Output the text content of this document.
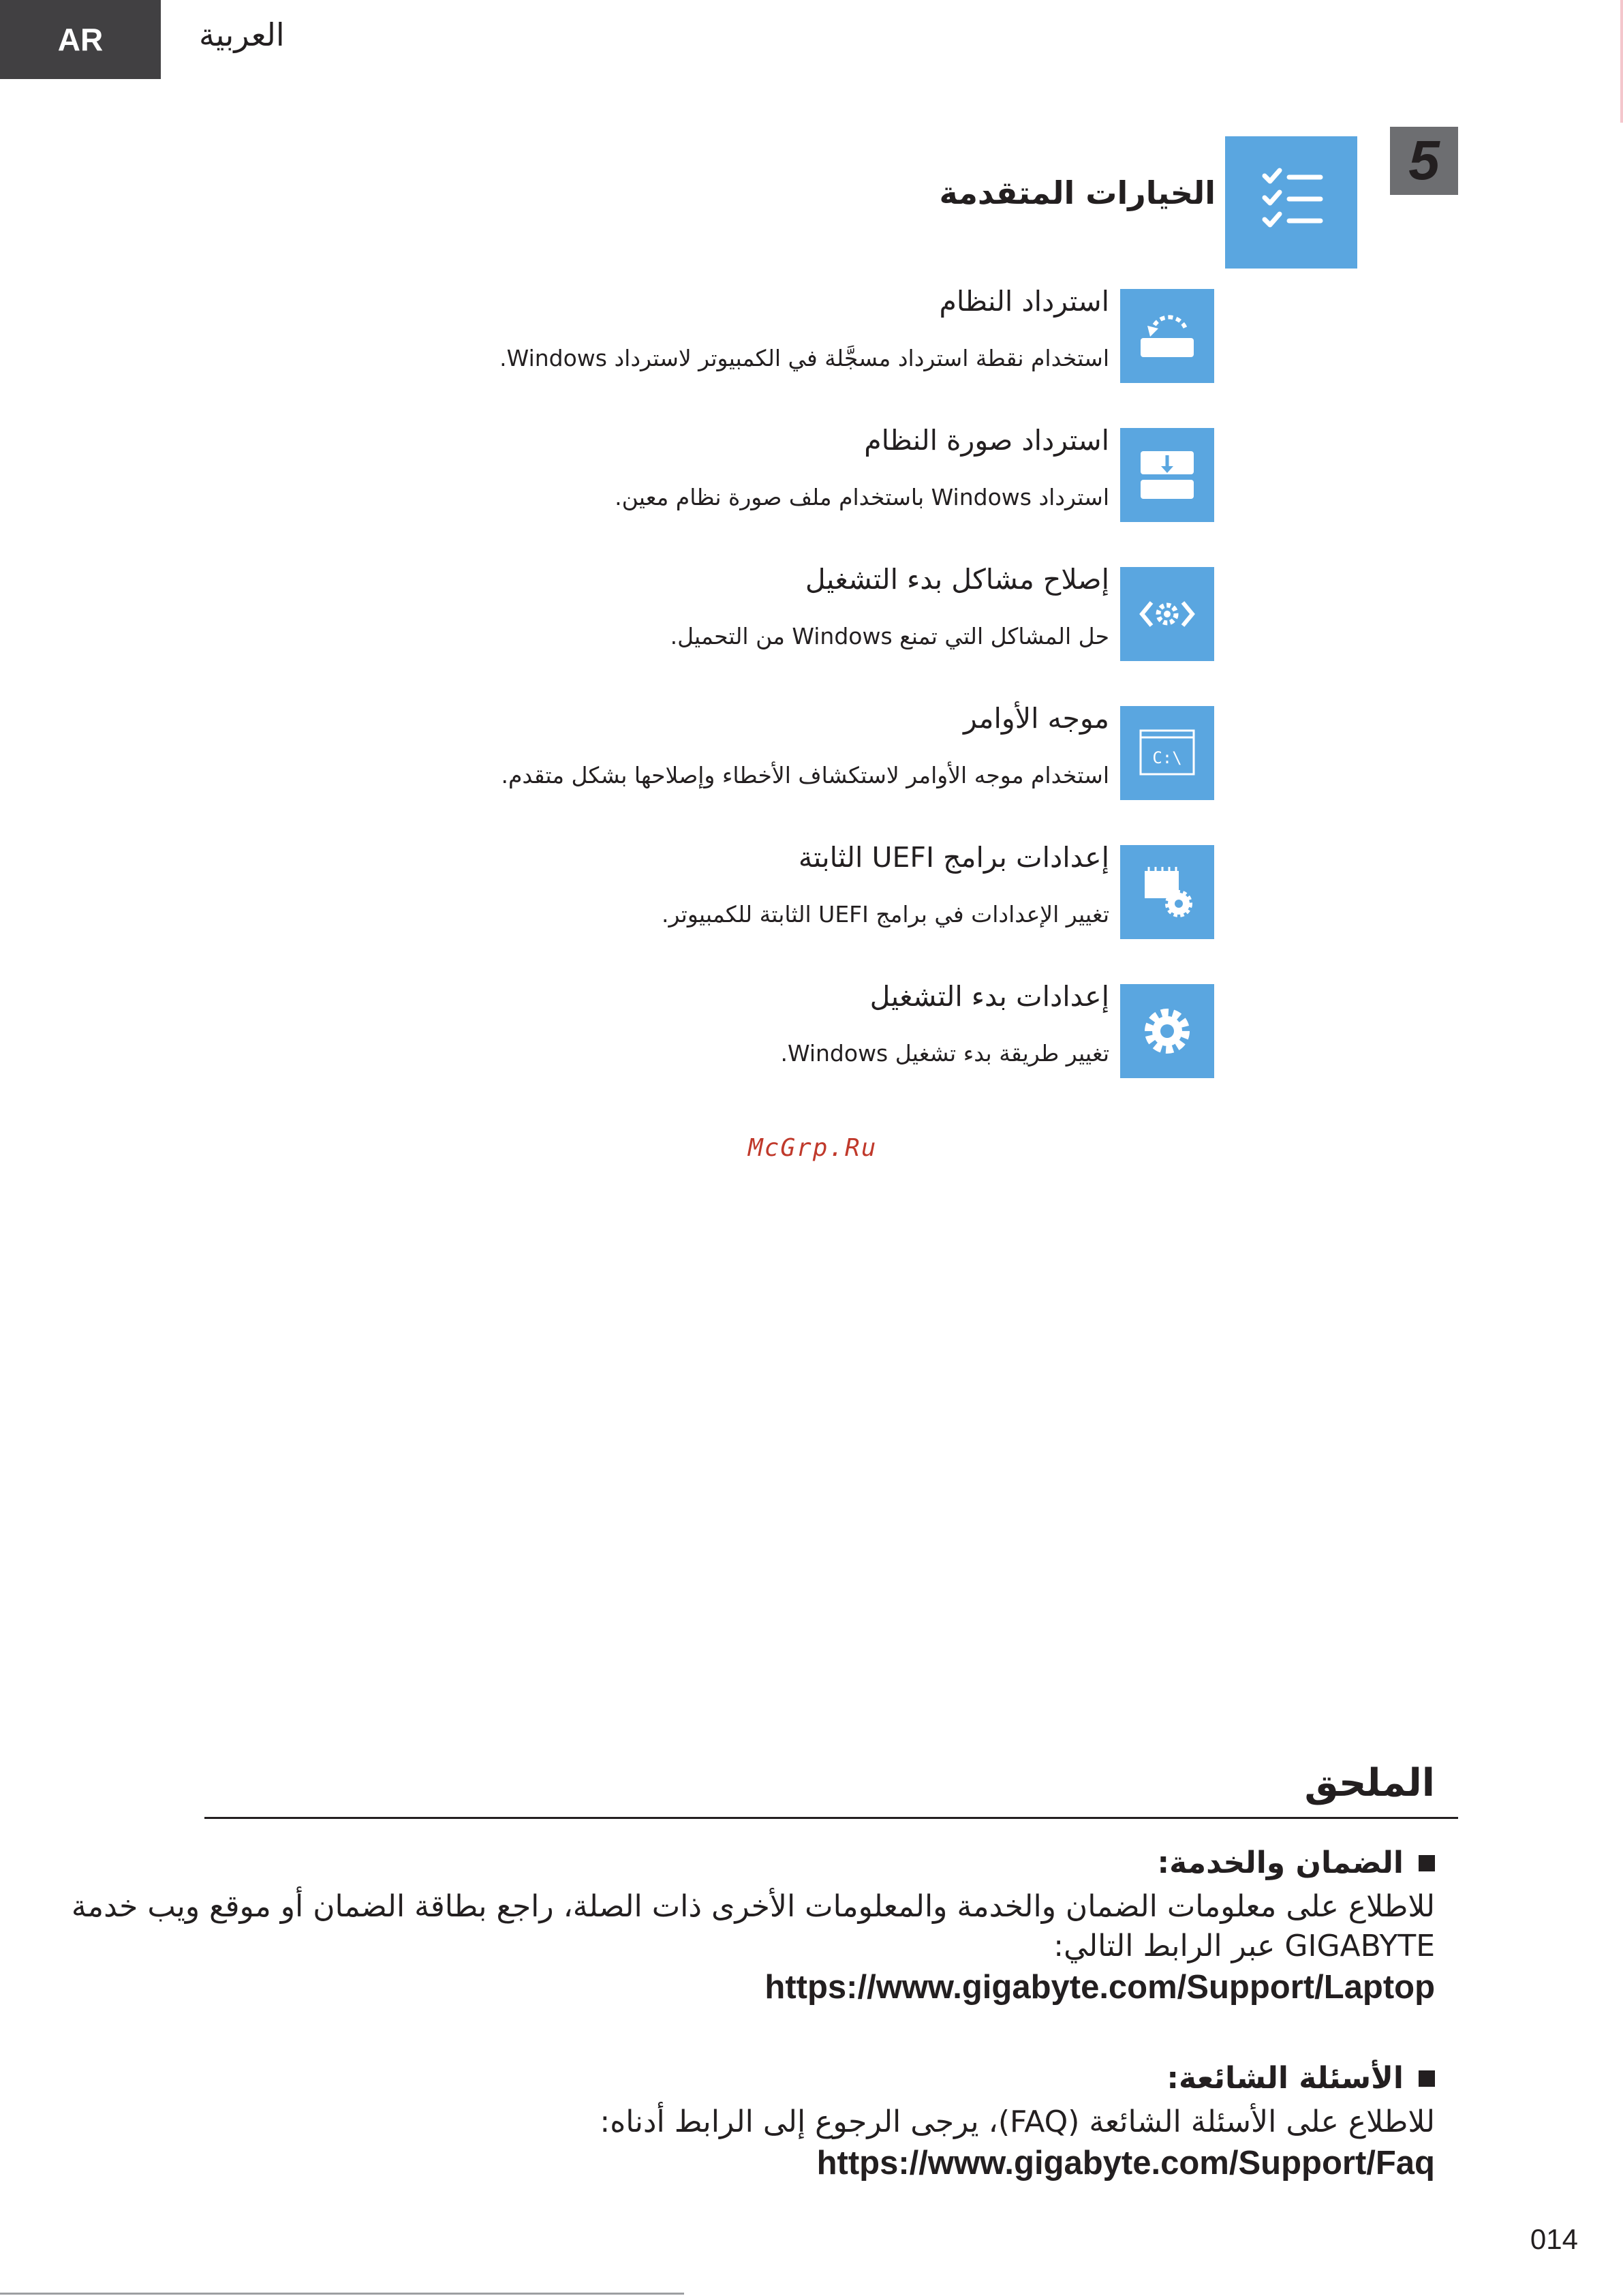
AR	العربية
5
الخيارات المتقدمة
استرداد النظام
استخدام نقطة استرداد مسجَّلة في الكمبيوتر لاسترداد Windows.
استرداد صورة النظام
استرداد Windows باستخدام ملف صورة نظام معين.
إصلاح مشاكل بدء التشغيل
حل المشاكل التي تمنع Windows من التحميل.
C:\
موجه الأوامر
استخدام موجه الأوامر لاستكشاف الأخطاء وإصلاحها بشكل متقدم.
إعدادات برامج UEFI الثابتة
تغيير الإعدادات في برامج UEFI الثابتة للكمبيوتر.
إعدادات بدء التشغيل
تغيير طريقة بدء تشغيل Windows.
McGrp.Ru
الملحق
الضمان والخدمة:
للاطلاع على معلومات الضمان والخدمة والمعلومات الأخرى ذات الصلة، راجع بطاقة الضمان أو موقع ويب خدمة
GIGABYTE عبر الرابط التالي:
https://www.gigabyte.com/Support/Laptop
الأسئلة الشائعة:
للاطلاع على الأسئلة الشائعة (FAQ)، يرجى الرجوع إلى الرابط أدناه:
https://www.gigabyte.com/Support/Faq
014
